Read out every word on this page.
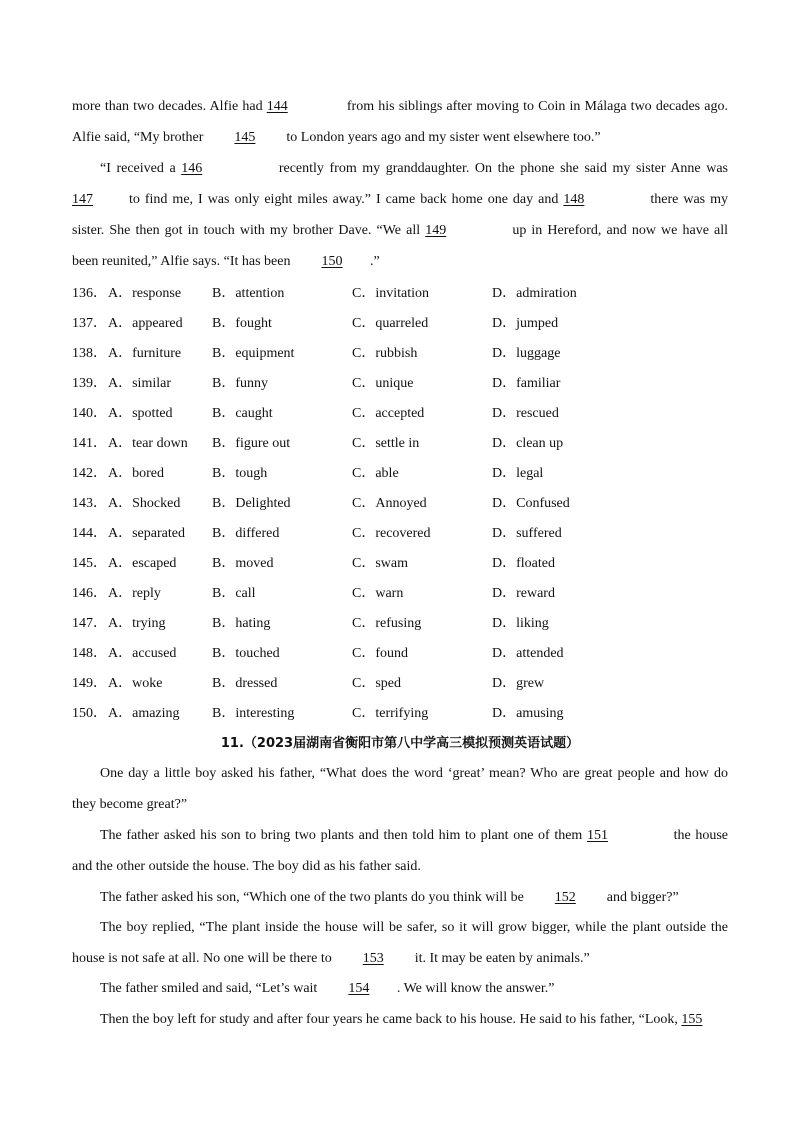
more than two decades. Alfie had 144	from his siblings after moving to Coin in Málaga two decades ago.
Alfie said, “My brother 145 to London years ago and my sister went elsewhere too.”
“I received a 146	recently from my granddaughter. On the phone she said my sister Anne was
147 to find me, I was only eight miles away.” I came back home one day and 148	there was my
sister. She then got in touch with my brother Dave. “We all 149	up in Hereford, and now we have all
been reunited,” Alfie says. “It has been 150 .”
136． A．response B．attention	C．invitation	D．admiration
137． A．appeared B．fought	C．quarreled	D．jumped
138． A．furniture B．equipment	C．rubbish	D．luggage
139． A．similar	B．funny	C．unique	D．familiar
140． A．spotted	B．caught	C．accepted	D．rescued
141． A．tear down B．figure out	C．settle in	D．clean up
142． A．bored	B．tough	C．able	D．legal
143． A．Shocked B．Delighted	C．Annoyed	D．Confused
144． A．separated B．differed	C．recovered	D．suffered
145． A．escaped	B．moved	C．swam	D．floated
146． A．reply	B．call	C．warn	D．reward
147． A．trying	B．hating	C．refusing	D．liking
148． A．accused	B．touched	C．found	D．attended
149． A．woke	B．dressed	C．sped	D．grew
150． A．amazing B．interesting	C．terrifying	D．amusing
11.（2023届湖南省衡阳市第八中学高三模拟预测英语试题）
One day a little boy asked his father, “What does the word ‘great’ mean? Who are great people and how do
they become great?”
The father asked his son to bring two plants and then told him to plant one of them 151	the house
and the other outside the house. The boy did as his father said.
The father asked his son, “Which one of the two plants do you think will be 152 and bigger?”
The boy replied, “The plant inside the house will be safer, so it will grow bigger, while the plant outside the
house is not safe at all. No one will be there to 153 it. It may be eaten by animals.”
The father smiled and said, “Let’s wait 154 . We will know the answer.”
Then the boy left for study and after four years he came back to his house. He said to his father, “Look, 155
